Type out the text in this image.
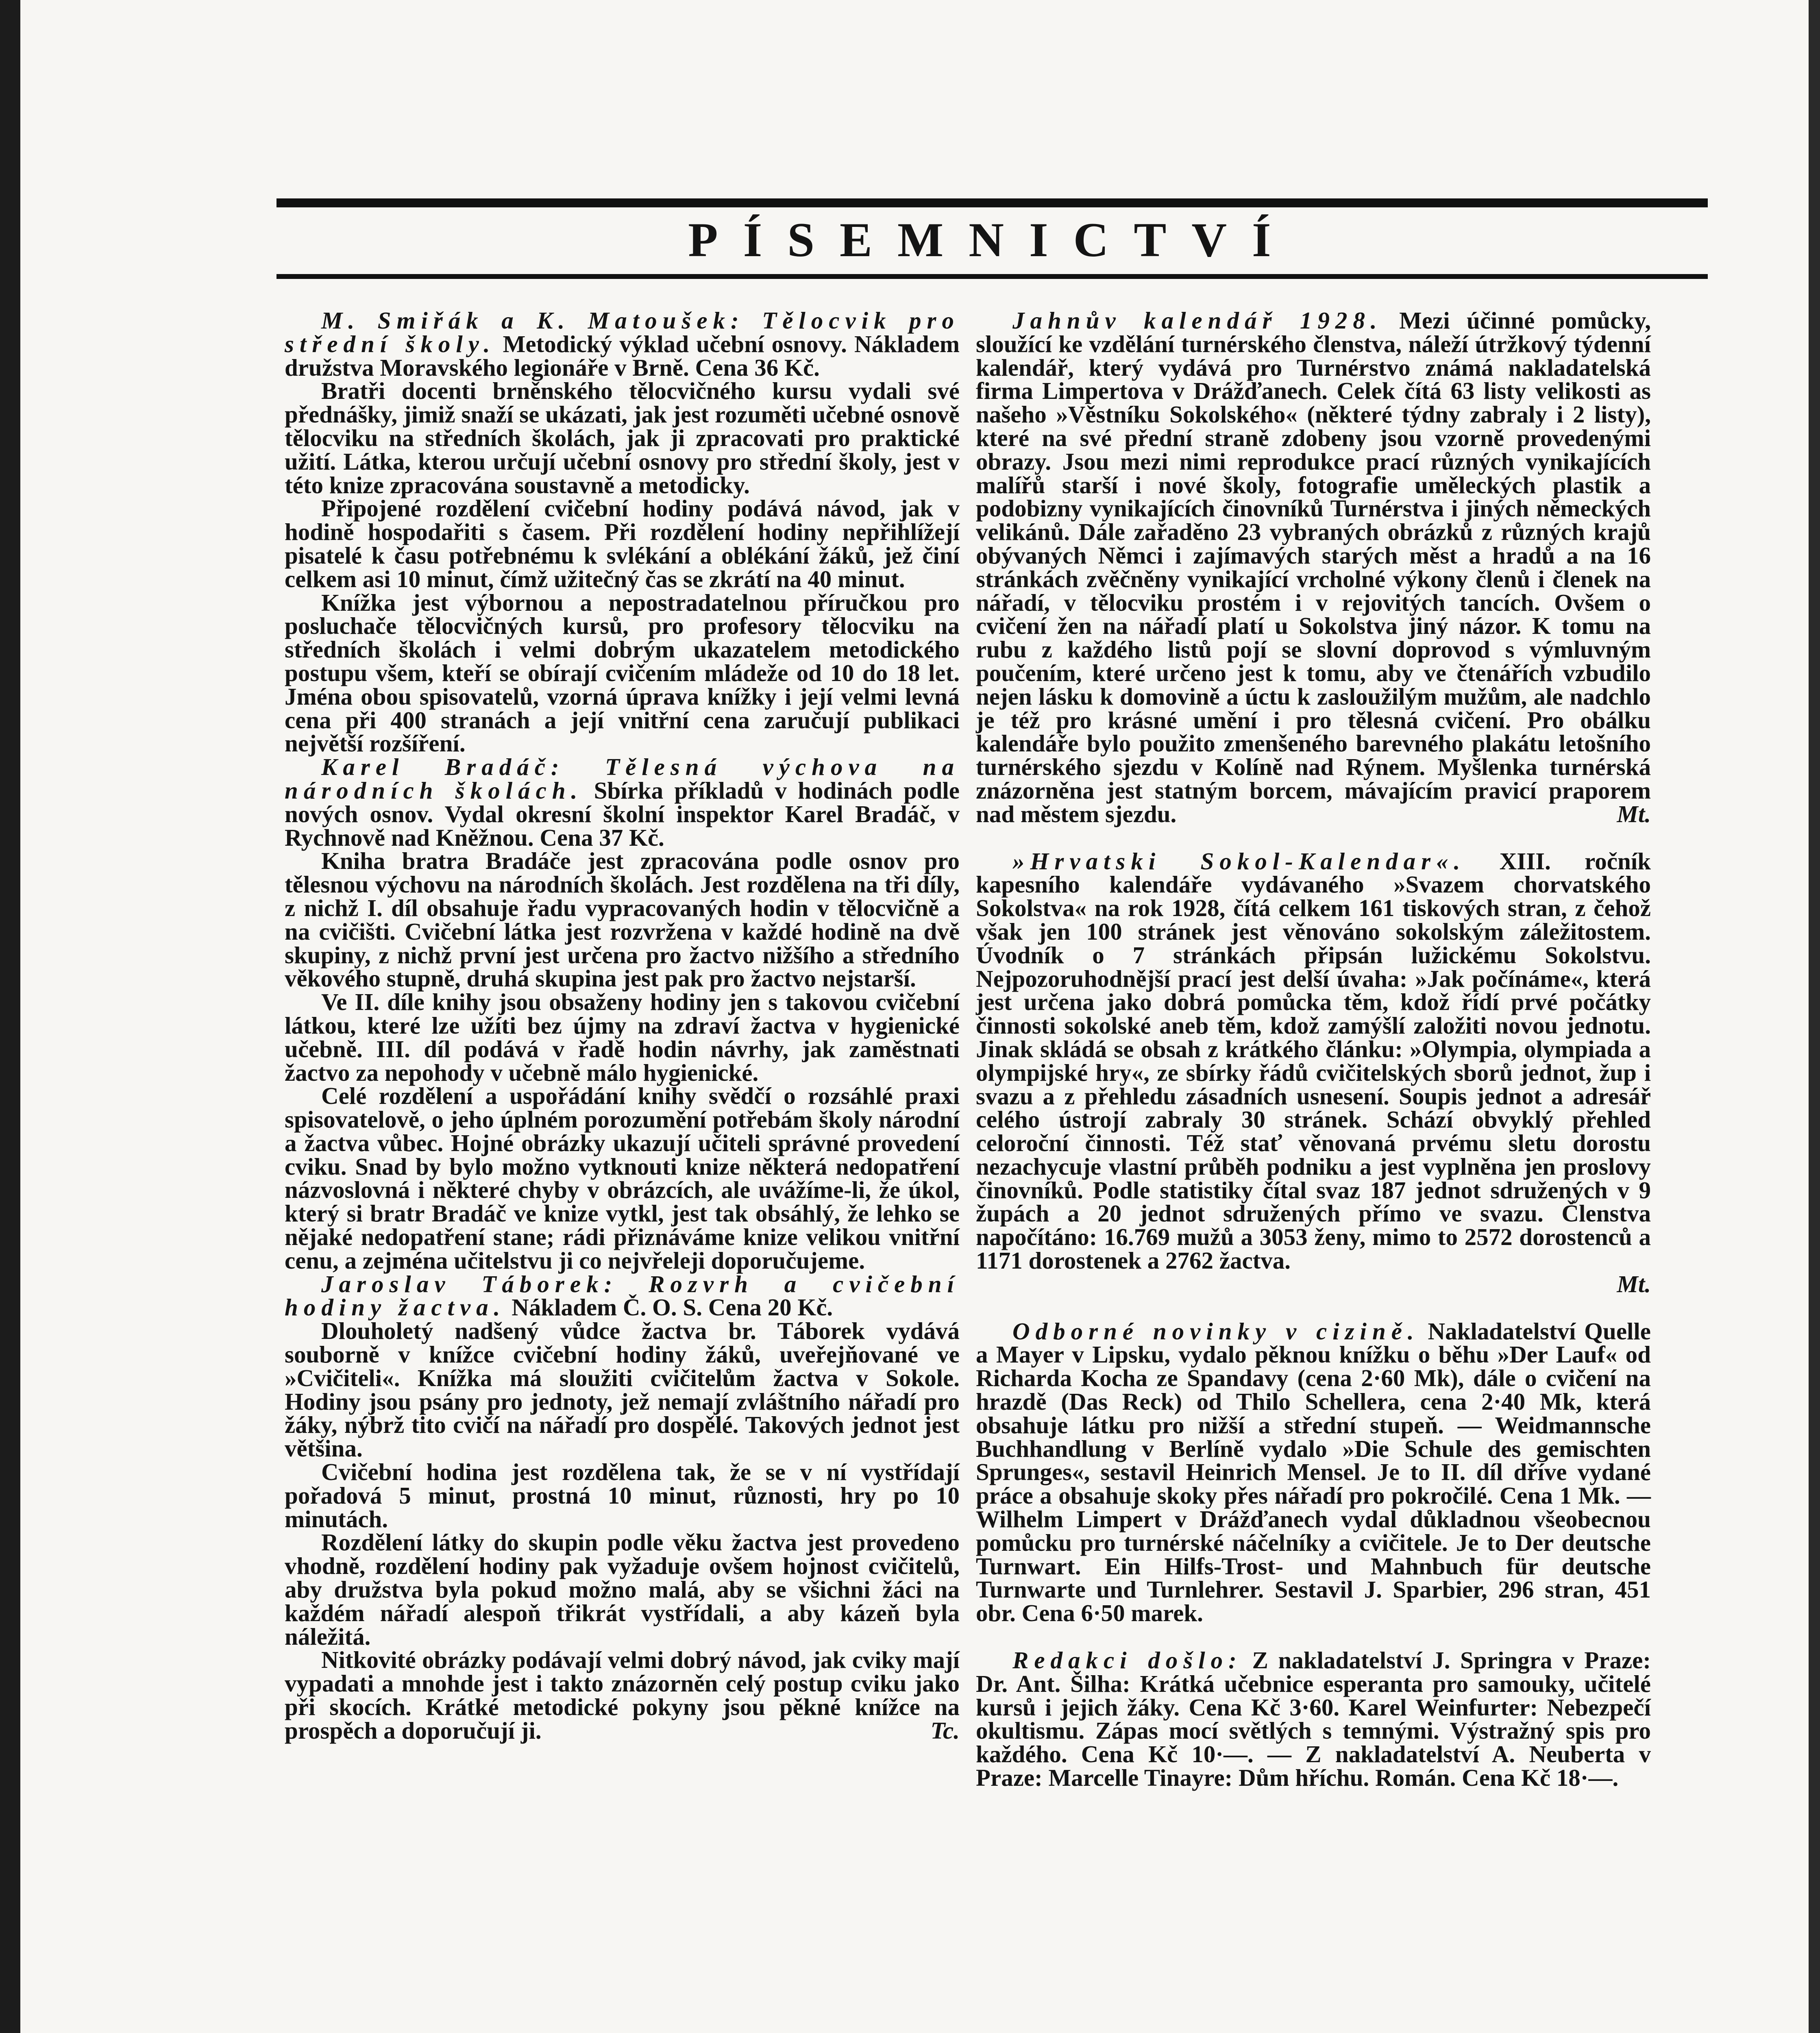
PÍSEMNICTVÍ

M. Smiřák a K. Matoušek: Tělocvik pro střední školy. Metodický výklad učební osnovy. Nákladem družstva Moravského legionáře v Brně. Cena 36 Kč.

Bratři docenti brněnského tělocvičného kursu vydali své přednášky, jimiž snaží se ukázati, jak jest rozuměti učebné osnově tělocviku na středních školách, jak ji zpracovati pro praktické užití. Látka, kterou určují učební osnovy pro střední školy, jest v této knize zpracována soustavně a metodicky.

Připojené rozdělení cvičební hodiny podává návod, jak v hodině hospodařiti s časem. Při rozdělení hodiny nepřihlížejí pisatelé k času potřebnému k svlékání a oblékání žáků, jež činí celkem asi 10 minut, čímž užitečný čas se zkrátí na 40 minut.

Knížka jest výbornou a nepostradatelnou příručkou pro posluchače tělocvičných kursů, pro profesory tělocviku na středních školách i velmi dobrým ukazatelem metodického postupu všem, kteří se obírají cvičením mládeže od 10 do 18 let. Jména obou spisovatelů, vzorná úprava knížky i její velmi levná cena při 400 stranách a její vnitřní cena zaručují publikaci největší rozšíření.

Karel Bradáč: Tělesná výchova na národních školách. Sbírka příkladů v hodinách podle nových osnov. Vydal okresní školní inspektor Karel Bradáč, v Rychnově nad Kněžnou. Cena 37 Kč.

Kniha bratra Bradáče jest zpracována podle osnov pro tělesnou výchovu na národních školách. Jest rozdělena na tři díly, z nichž I. díl obsahuje řadu vypracovaných hodin v tělocvičně a na cvičišti. Cvičební látka jest rozvržena v každé hodině na dvě skupiny, z nichž první jest určena pro žactvo nižšího a středního věkového stupně, druhá skupina jest pak pro žactvo nejstarší.

Ve II. díle knihy jsou obsaženy hodiny jen s takovou cvičební látkou, které lze užíti bez újmy na zdraví žactva v hygienické učebně. III. díl podává v řadě hodin návrhy, jak zaměstnati žactvo za nepohody v učebně málo hygienické.

Celé rozdělení a uspořádání knihy svědčí o rozsáhlé praxi spisovatelově, o jeho úplném porozumění potřebám školy národní a žactva vůbec. Hojné obrázky ukazují učiteli správné provedení cviku. Snad by bylo možno vytknouti knize některá nedopatření názvoslovná i některé chyby v obrázcích, ale uvážíme-li, že úkol, který si bratr Bradáč ve knize vytkl, jest tak obsáhlý, že lehko se nějaké nedopatření stane; rádi přiznáváme knize velikou vnitřní cenu, a zejména učitelstvu ji co nejvřeleji doporučujeme.

Jaroslav Táborek: Rozvrh a cvičební hodiny žactva. Nákladem Č. O. S. Cena 20 Kč.

Dlouholetý nadšený vůdce žactva br. Táborek vydává souborně v knížce cvičební hodiny žáků, uveřejňované ve »Cvičiteli«. Knížka má sloužiti cvičitelům žactva v Sokole. Hodiny jsou psány pro jednoty, jež nemají zvláštního nářadí pro žáky, nýbrž tito cvičí na nářadí pro dospělé. Takových jednot jest většina.

Cvičební hodina jest rozdělena tak, že se v ní vystřídají pořadová 5 minut, prostná 10 minut, různosti, hry po 10 minutách.

Rozdělení látky do skupin podle věku žactva jest provedeno vhodně, rozdělení hodiny pak vyžaduje ovšem hojnost cvičitelů, aby družstva byla pokud možno malá, aby se všichni žáci na každém nářadí alespoň třikrát vystřídali, a aby kázeň byla náležitá.

Nitkovité obrázky podávají velmi dobrý návod, jak cviky mají vypadati a mnohde jest i takto znázorněn celý postup cviku jako při skocích. Krátké metodické pokyny jsou pěkné knížce na prospěch a doporučují ji.	Tc.

Jahnův kalendář 1928. Mezi účinné pomůcky, sloužící ke vzdělání turnérského členstva, náleží útržkový týdenní kalendář, který vydává pro Turnérstvo známá nakladatelská firma Limpertova v Drážďanech. Celek čítá 63 listy velikosti as našeho »Věstníku Sokolského« (některé týdny zabraly i 2 listy), které na své přední straně zdobeny jsou vzorně provedenými obrazy. Jsou mezi nimi reprodukce prací různých vynikajících malířů starší i nové školy, fotografie uměleckých plastik a podobizny vynikajících činovníků Turnérstva i jiných německých velikánů. Dále zařaděno 23 vybraných obrázků z různých krajů obývaných Němci i zajímavých starých měst a hradů a na 16 stránkách zvěčněny vynikající vrcholné výkony členů i členek na nářadí, v tělocviku prostém i v rejovitých tancích. Ovšem o cvičení žen na nářadí platí u Sokolstva jiný názor. K tomu na rubu z každého listů pojí se slovní doprovod s výmluvným poučením, které určeno jest k tomu, aby ve čtenářích vzbudilo nejen lásku k domovině a úctu k zasloužilým mužům, ale nadchlo je též pro krásné umění i pro tělesná cvičení. Pro obálku kalendáře bylo použito zmenšeného barevného plakátu letošního turnérského sjezdu v Kolíně nad Rýnem. Myšlenka turnérská znázorněna jest statným borcem, mávajícím pravicí praporem nad městem sjezdu.	Mt.

»Hrvatski Sokol-Kalendar«. XIII. ročník kapesního kalendáře vydávaného »Svazem chorvatského Sokolstva« na rok 1928, čítá celkem 161 tiskových stran, z čehož však jen 100 stránek jest věnováno sokolským záležitostem. Úvodník o 7 stránkách připsán lužickému Sokolstvu. Nejpozoruhodnější prací jest delší úvaha: »Jak počínáme«, která jest určena jako dobrá pomůcka těm, kdož řídí prvé počátky činnosti sokolské aneb těm, kdož zamýšlí založiti novou jednotu. Jinak skládá se obsah z krátkého článku: »Olympia, olympiada a olympijské hry«, ze sbírky řádů cvičitelských sborů jednot, žup i svazu a z přehledu zásadních usnesení. Soupis jednot a adresář celého ústrojí zabraly 30 stránek. Schází obvyklý přehled celoroční činnosti. Též stať věnovaná prvému sletu dorostu nezachycuje vlastní průběh podniku a jest vyplněna jen proslovy činovníků. Podle statistiky čítal svaz 187 jednot sdružených v 9 župách a 20 jednot sdružených přímo ve svazu. Členstva napočítáno: 16.769 mužů a 3053 ženy, mimo to 2572 dorostenců a 1171 dorostenek a 2762 žactva.

Mt.

Odborné novinky v cizině. Nakladatelství Quelle a Mayer v Lipsku, vydalo pěknou knížku o běhu »Der Lauf« od Richarda Kocha ze Spandavy (cena 2·60 Mk), dále o cvičení na hrazdě (Das Reck) od Thilo Schellera, cena 2·40 Mk, která obsahuje látku pro nižší a střední stupeň. — Weidmannsche Buchhandlung v Berlíně vydalo »Die Schule des gemischten Sprunges«, sestavil Heinrich Mensel. Je to II. díl dříve vydané práce a obsahuje skoky přes nářadí pro pokročilé. Cena 1 Mk. — Wilhelm Limpert v Drážďanech vydal důkladnou všeobecnou pomůcku pro turnérské náčelníky a cvičitele. Je to Der deutsche Turnwart. Ein Hilfs-Trost- und Mahnbuch für deutsche Turnwarte und Turnlehrer. Sestavil J. Sparbier, 296 stran, 451 obr. Cena 6·50 marek.

Redakci došlo: Z nakladatelství J. Springra v Praze: Dr. Ant. Šilha: Krátká učebnice esperanta pro samouky, učitelé kursů i jejich žáky. Cena Kč 3·60. Karel Weinfurter: Nebezpečí okultismu. Zápas mocí světlých s temnými. Výstražný spis pro každého. Cena Kč 10·—. — Z nakladatelství A. Neuberta v Praze: Marcelle Tinayre: Dům hříchu. Román. Cena Kč 18·—.
